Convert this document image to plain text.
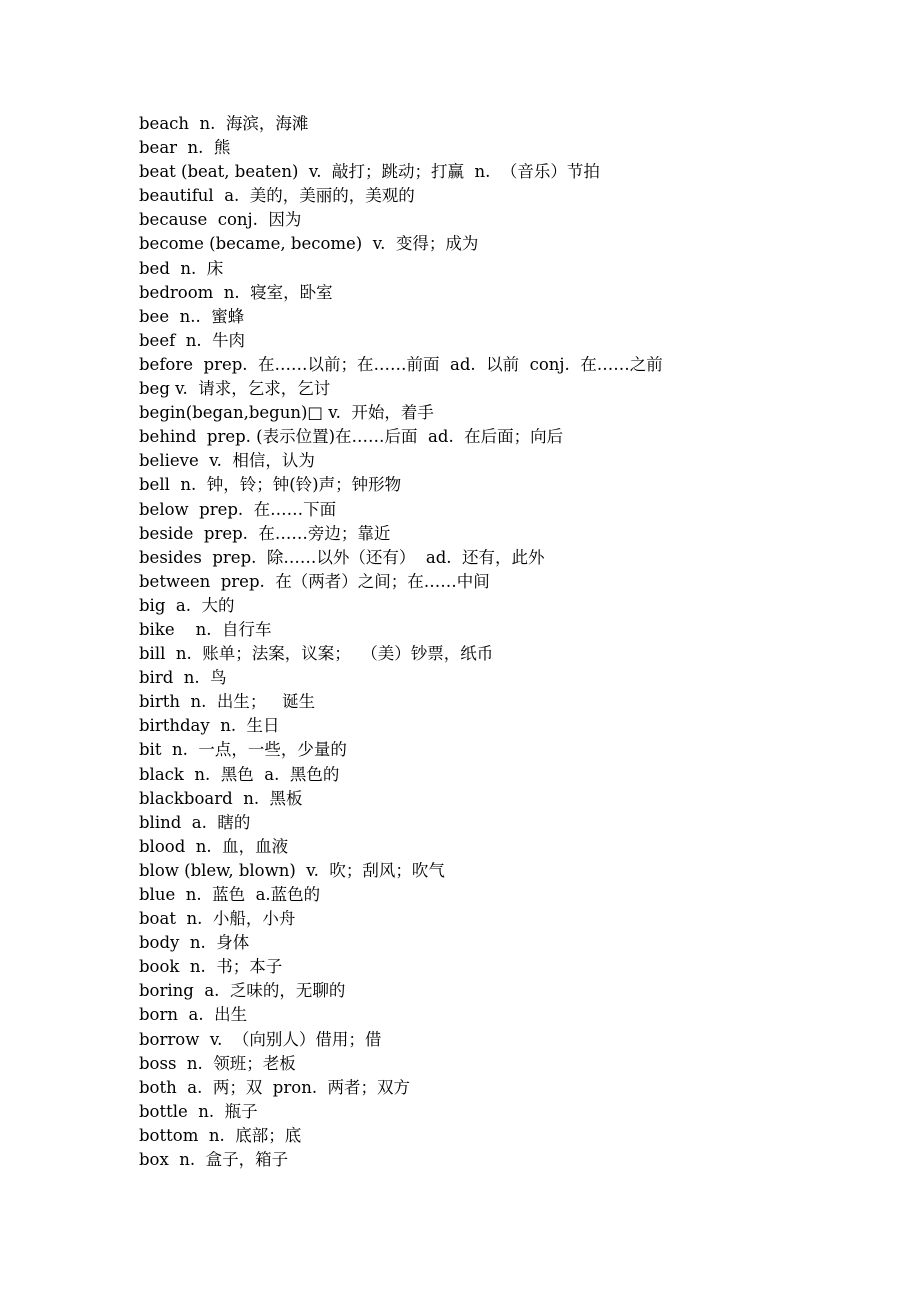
beach  n.  海滨，海滩
bear  n.  熊
beat (beat, beaten)  v.  敲打；跳动；打赢  n.  （音乐）节拍
beautiful  a.  美的，美丽的，美观的
because  conj.  因为
become (became, become)  v.  变得；成为
bed  n.  床
bedroom  n.  寝室，卧室
bee  n..  蜜蜂
beef  n.  牛肉
before  prep.  在……以前；在……前面  ad.  以前  conj.  在……之前
beg v.  请求，乞求，乞讨
begin(began,begun)□ v.  开始，着手
behind  prep. (表示位置)在……后面  ad.  在后面；向后
believe  v.  相信，认为
bell  n.  钟，铃；钟(铃)声；钟形物
below  prep.  在……下面
beside  prep.  在……旁边；靠近
besides  prep.  除……以外（还有）  ad.  还有，此外
between  prep.  在（两者）之间；在……中间
big  a.  大的
bike    n.  自行车
bill  n.  账单；法案，议案；  （美）钞票，纸币
bird  n.  鸟
birth  n.  出生；   诞生
birthday  n.  生日
bit  n.  一点，一些，少量的
black  n.  黑色  a.  黑色的
blackboard  n.  黑板
blind  a.  瞎的
blood  n.  血，血液
blow (blew, blown)  v.  吹；刮风；吹气
blue  n.  蓝色  a.蓝色的
boat  n.  小船，小舟
body  n.  身体
book  n.  书；本子
boring  a.  乏味的，无聊的
born  a.  出生
borrow  v.  （向别人）借用；借
boss  n.  领班；老板
both  a.  两；双  pron.  两者；双方
bottle  n.  瓶子
bottom  n.  底部；底
box  n.  盒子，箱子
